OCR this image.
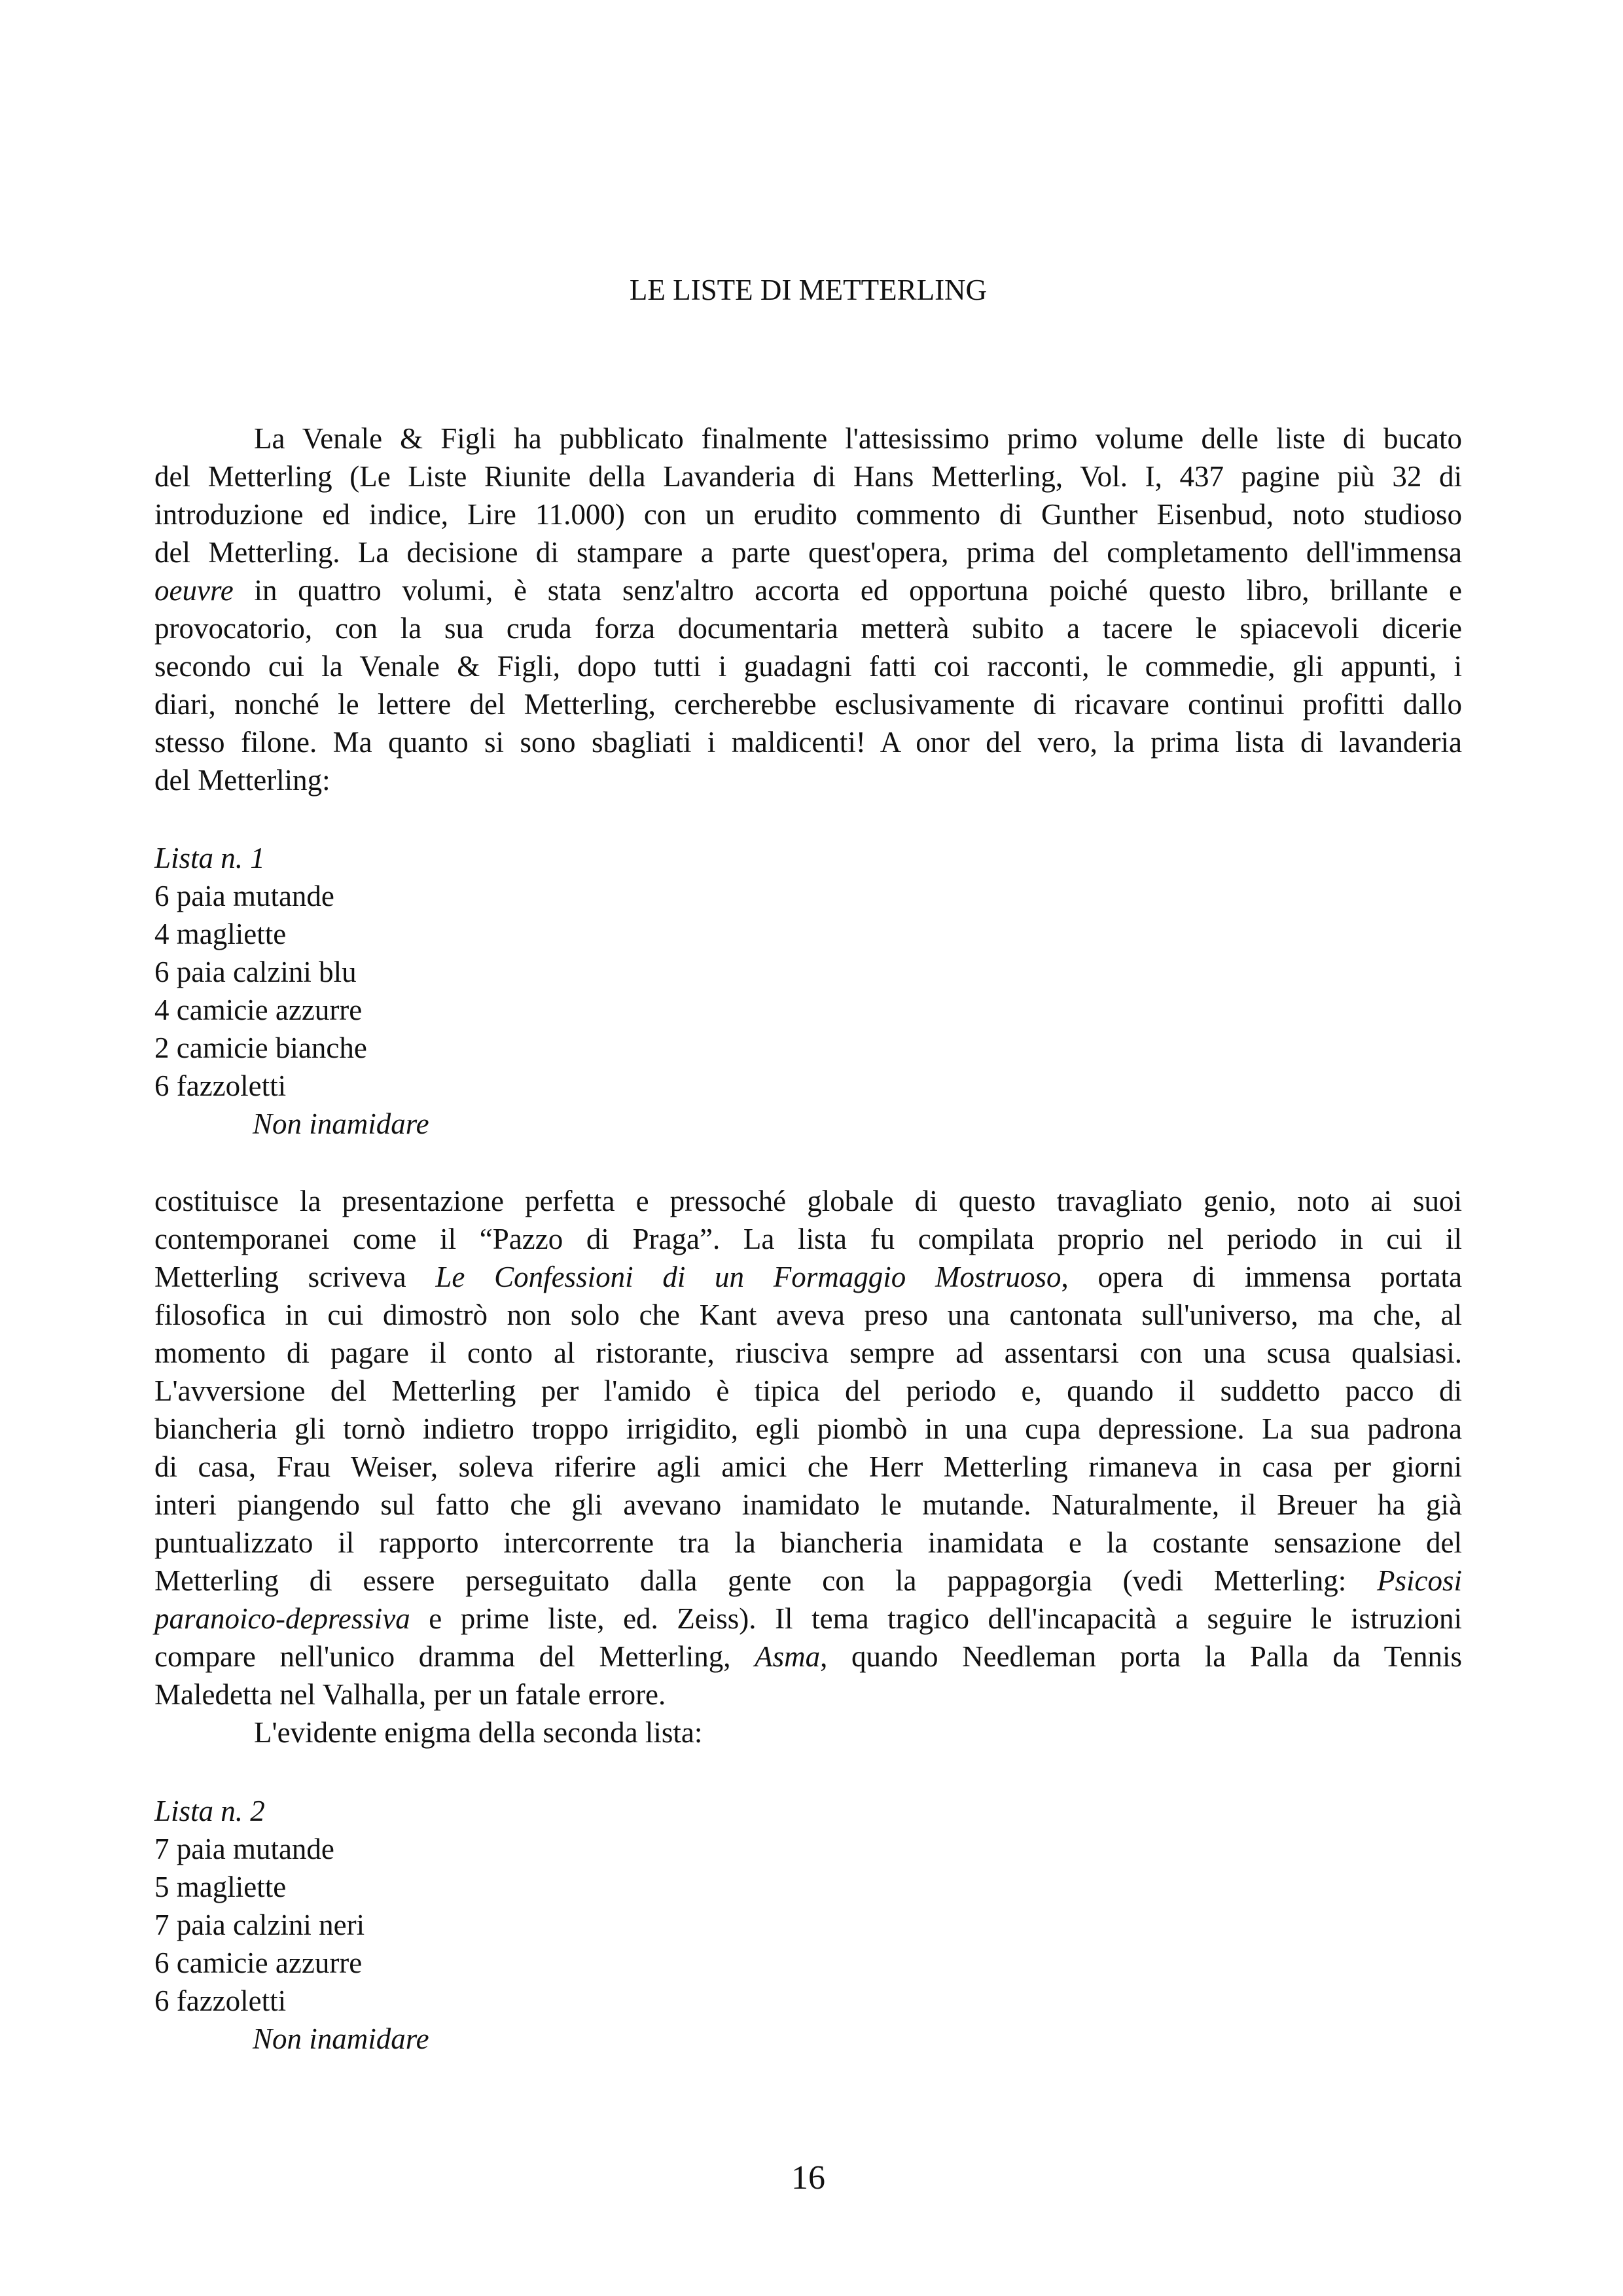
LE LISTE DI METTERLING
La Venale & Figli ha pubblicato finalmente l'attesissimo primo volume delle liste di bucato
del Metterling (Le Liste Riunite della Lavanderia di Hans Metterling, Vol. I, 437 pagine più 32 di
introduzione ed indice, Lire 11.000) con un erudito commento di Gunther Eisenbud, noto studioso
del Metterling. La decisione di stampare a parte quest'opera, prima del completamento dell'immensa
oeuvre in quattro volumi, è stata senz'altro accorta ed opportuna poiché questo libro, brillante e
provocatorio, con la sua cruda forza documentaria metterà subito a tacere le spiacevoli dicerie
secondo cui la Venale & Figli, dopo tutti i guadagni fatti coi racconti, le commedie, gli appunti, i
diari, nonché le lettere del Metterling, cercherebbe esclusivamente di ricavare continui profitti dallo
stesso filone. Ma quanto si sono sbagliati i maldicenti! A onor del vero, la prima lista di lavanderia
del Metterling:
Lista n. 1
6 paia mutande
4 magliette
6 paia calzini blu
4 camicie azzurre
2 camicie bianche
6 fazzoletti
Non inamidare
costituisce la presentazione perfetta e pressoché globale di questo travagliato genio, noto ai suoi
contemporanei come il “Pazzo di Praga”. La lista fu compilata proprio nel periodo in cui il
Metterling scriveva Le Confessioni di un Formaggio Mostruoso, opera di immensa portata
filosofica in cui dimostrò non solo che Kant aveva preso una cantonata sull'universo, ma che, al
momento di pagare il conto al ristorante, riusciva sempre ad assentarsi con una scusa qualsiasi.
L'avversione del Metterling per l'amido è tipica del periodo e, quando il suddetto pacco di
biancheria gli tornò indietro troppo irrigidito, egli piombò in una cupa depressione. La sua padrona
di casa, Frau Weiser, soleva riferire agli amici che Herr Metterling rimaneva in casa per giorni
interi piangendo sul fatto che gli avevano inamidato le mutande. Naturalmente, il Breuer ha già
puntualizzato il rapporto intercorrente tra la biancheria inamidata e la costante sensazione del
Metterling di essere perseguitato dalla gente con la pappagorgia (vedi Metterling: Psicosi
paranoico-depressiva e prime liste, ed. Zeiss). Il tema tragico dell'incapacità a seguire le istruzioni
compare nell'unico dramma del Metterling, Asma, quando Needleman porta la Palla da Tennis
Maledetta nel Valhalla, per un fatale errore.
L'evidente enigma della seconda lista:
Lista n. 2
7 paia mutande
5 magliette
7 paia calzini neri
6 camicie azzurre
6 fazzoletti
Non inamidare
16
